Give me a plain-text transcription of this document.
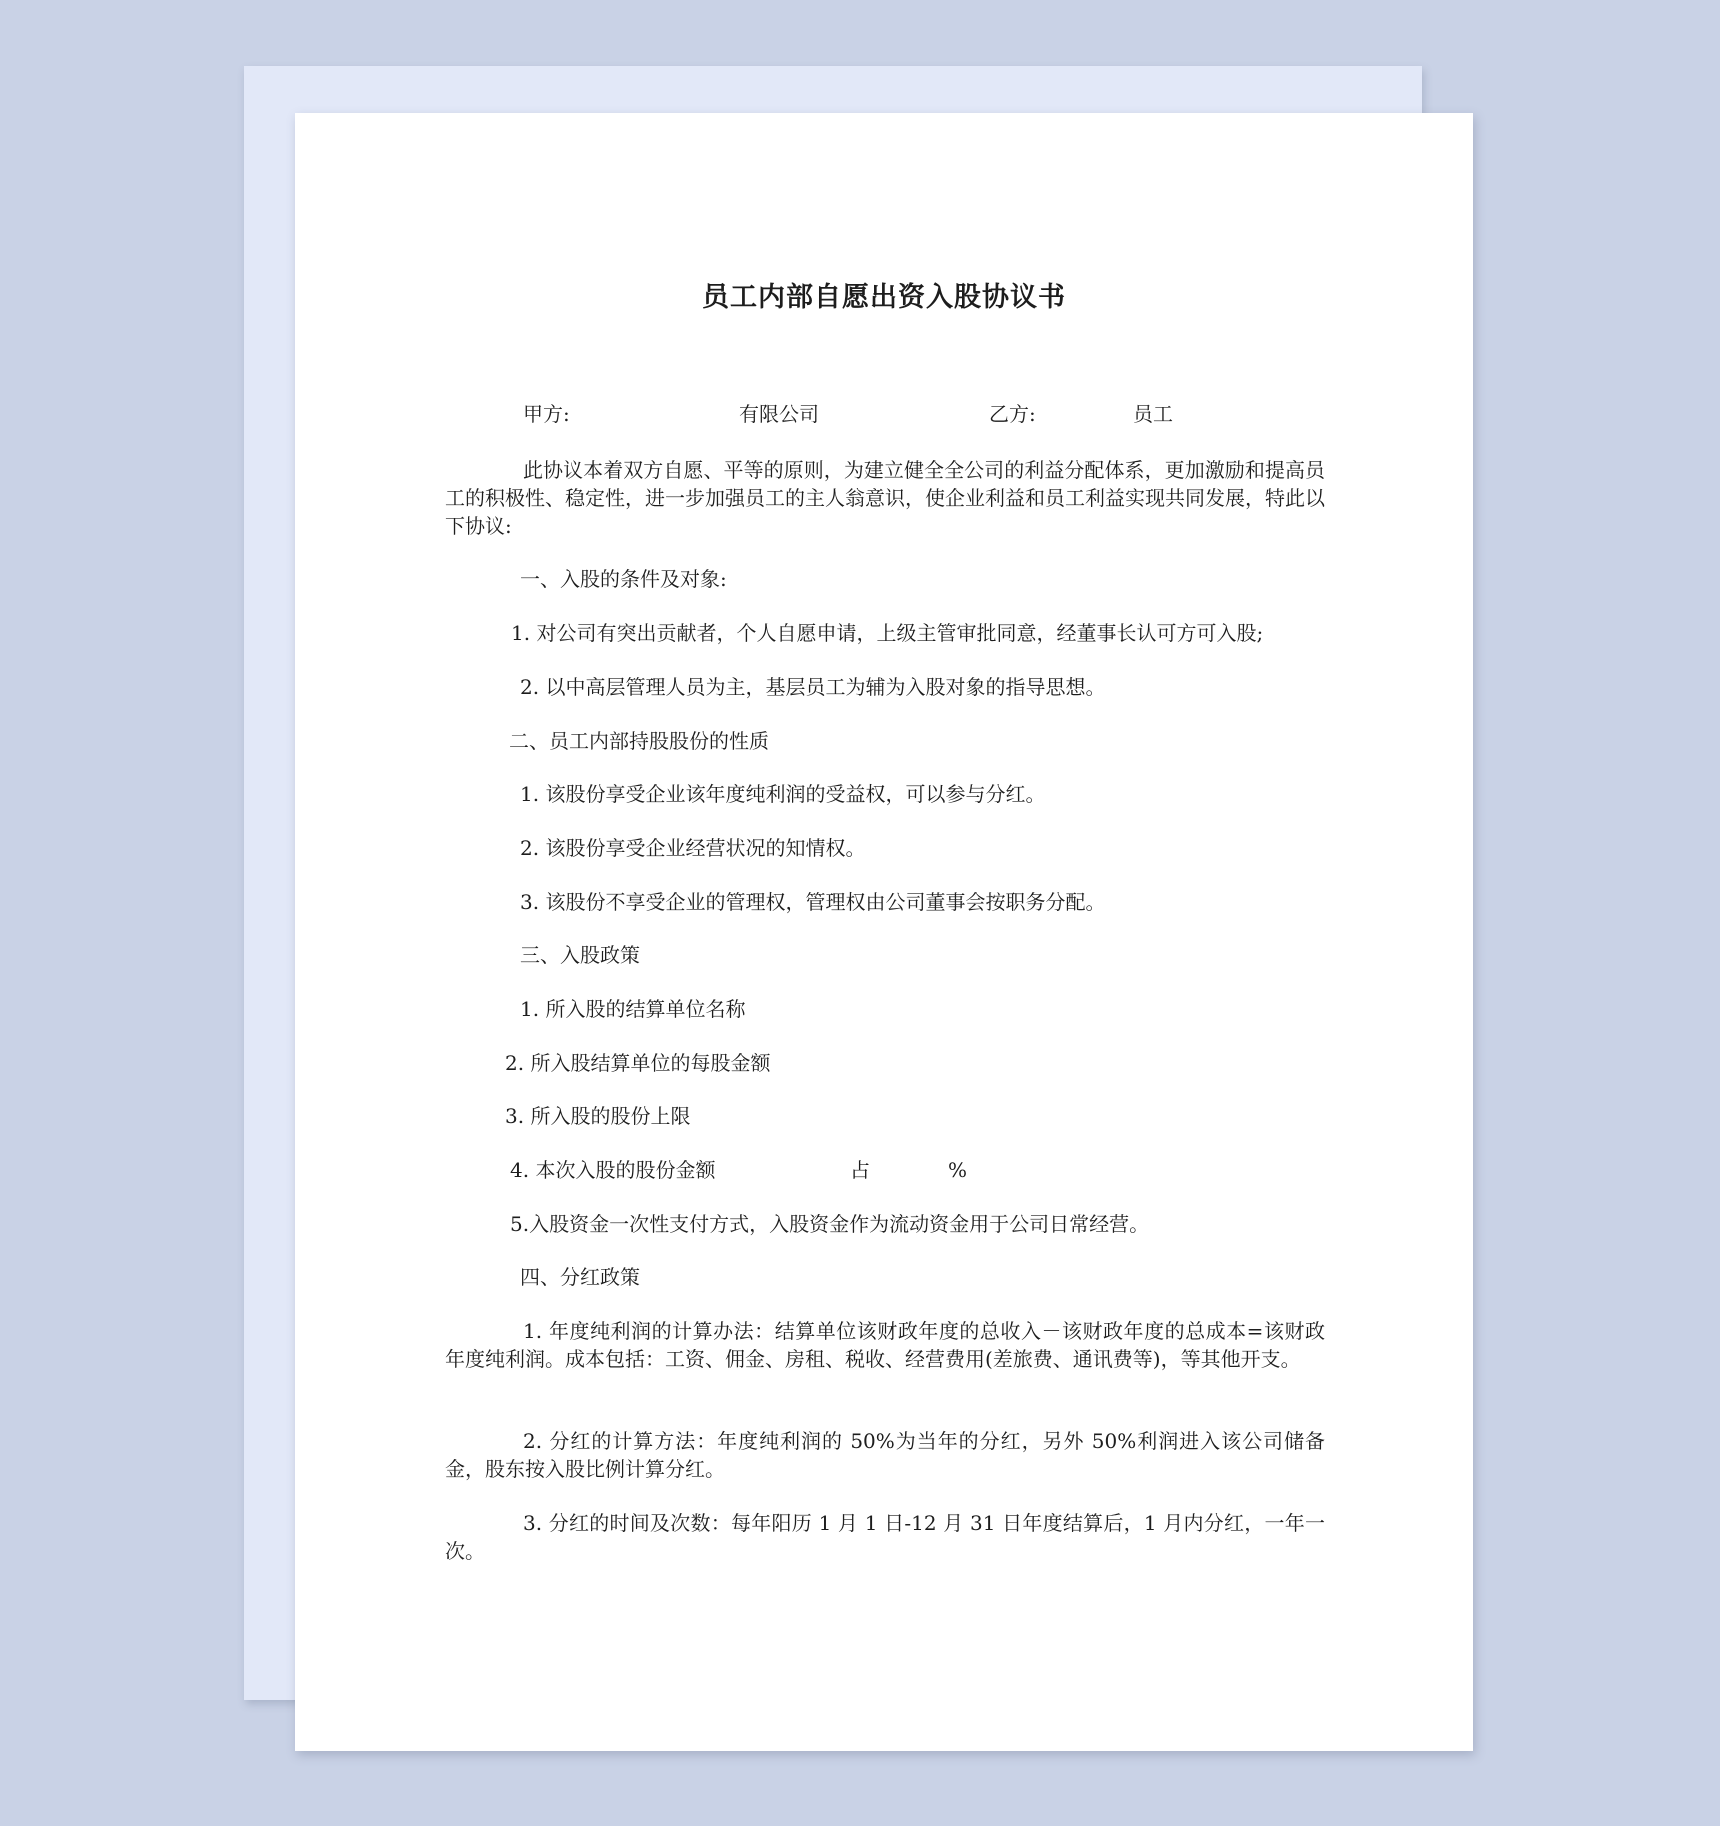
员工内部自愿出资入股协议书
甲方:	有限公司	乙方:	员工
此协议本着双方自愿、平等的原则，为建立健全全公司的利益分配体系，更加激励和提高员工的积极性、稳定性，进一步加强员工的主人翁意识，使企业利益和员工利益实现共同发展，特此以下协议:
一、入股的条件及对象:
1. 对公司有突出贡献者，个人自愿申请，上级主管审批同意，经董事长认可方可入股;
2. 以中高层管理人员为主，基层员工为辅为入股对象的指导思想。
二、员工内部持股股份的性质
1. 该股份享受企业该年度纯利润的受益权，可以参与分红。
2. 该股份享受企业经营状况的知情权。
3. 该股份不享受企业的管理权，管理权由公司董事会按职务分配。
三、入股政策
1. 所入股的结算单位名称
2. 所入股结算单位的每股金额
3. 所入股的股份上限
4. 本次入股的股份金额	占	%
5.入股资金一次性支付方式，入股资金作为流动资金用于公司日常经营。
四、分红政策
1. 年度纯利润的计算办法：结算单位该财政年度的总收入－该财政年度的总成本=该财政年度纯利润。成本包括：工资、佣金、房租、税收、经营费用(差旅费、通讯费等)，等其他开支。
2. 分红的计算方法：年度纯利润的 50%为当年的分红，另外 50%利润进入该公司储备金，股东按入股比例计算分红。
3. 分红的时间及次数：每年阳历 1 月 1 日-12 月 31 日年度结算后，1 月内分红，一年一次。
